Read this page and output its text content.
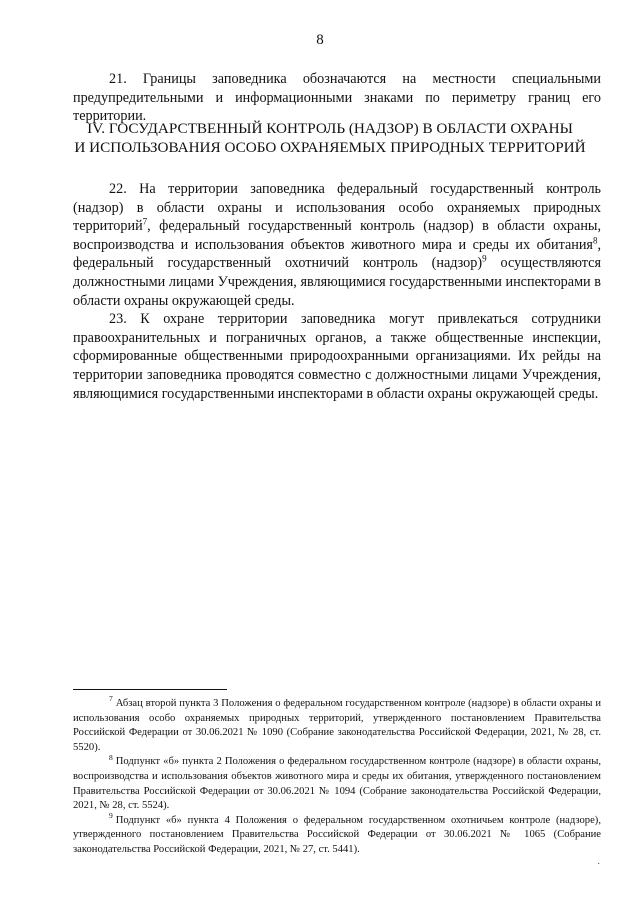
8

21. Границы заповедника обозначаются на местности специальными предупредительными и информационными знаками по периметру границ его территории.

IV. ГОСУДАРСТВЕННЫЙ КОНТРОЛЬ (НАДЗОР) В ОБЛАСТИ ОХРАНЫ
И ИСПОЛЬЗОВАНИЯ ОСОБО ОХРАНЯЕМЫХ ПРИРОДНЫХ ТЕРРИТОРИЙ

22. На территории заповедника федеральный государственный контроль (надзор) в области охраны и использования особо охраняемых природных территорий$^7$, федеральный государственный контроль (надзор) в области охраны, воспроизводства и использования объектов животного мира и среды их обитания$^8$, федеральный государственный охотничий контроль (надзор)$^9$ осуществляются должностными лицами Учреждения, являющимися государственными инспекторами в области охраны окружающей среды.

23. К охране территории заповедника могут привлекаться сотрудники правоохранительных и пограничных органов, а также общественные инспекции, сформированные общественными природоохранными организациями. Их рейды на территории заповедника проводятся совместно с должностными лицами Учреждения, являющимися государственными инспекторами в области охраны окружающей среды.

$^7$ Абзац второй пункта 3 Положения о федеральном государственном контроле (надзоре) в области охраны и использования особо охраняемых природных территорий, утвержденного постановлением Правительства Российской Федерации от 30.06.2021 № 1090 (Собрание законодательства Российской Федерации, 2021, № 28, ст. 5520).

$^8$ Подпункт «б» пункта 2 Положения о федеральном государственном контроле (надзоре) в области охраны, воспроизводства и использования объектов животного мира и среды их обитания, утвержденного постановлением Правительства Российской Федерации от 30.06.2021 № 1094 (Собрание законодательства Российской Федерации, 2021, № 28, ст. 5524).

$^9$ Подпункт «б» пункта 4 Положения о федеральном государственном охотничьем контроле (надзоре), утвержденного постановлением Правительства Российской Федерации от 30.06.2021 № 1065 (Собрание законодательства Российской Федерации, 2021, № 27, ст. 5441).

˙
